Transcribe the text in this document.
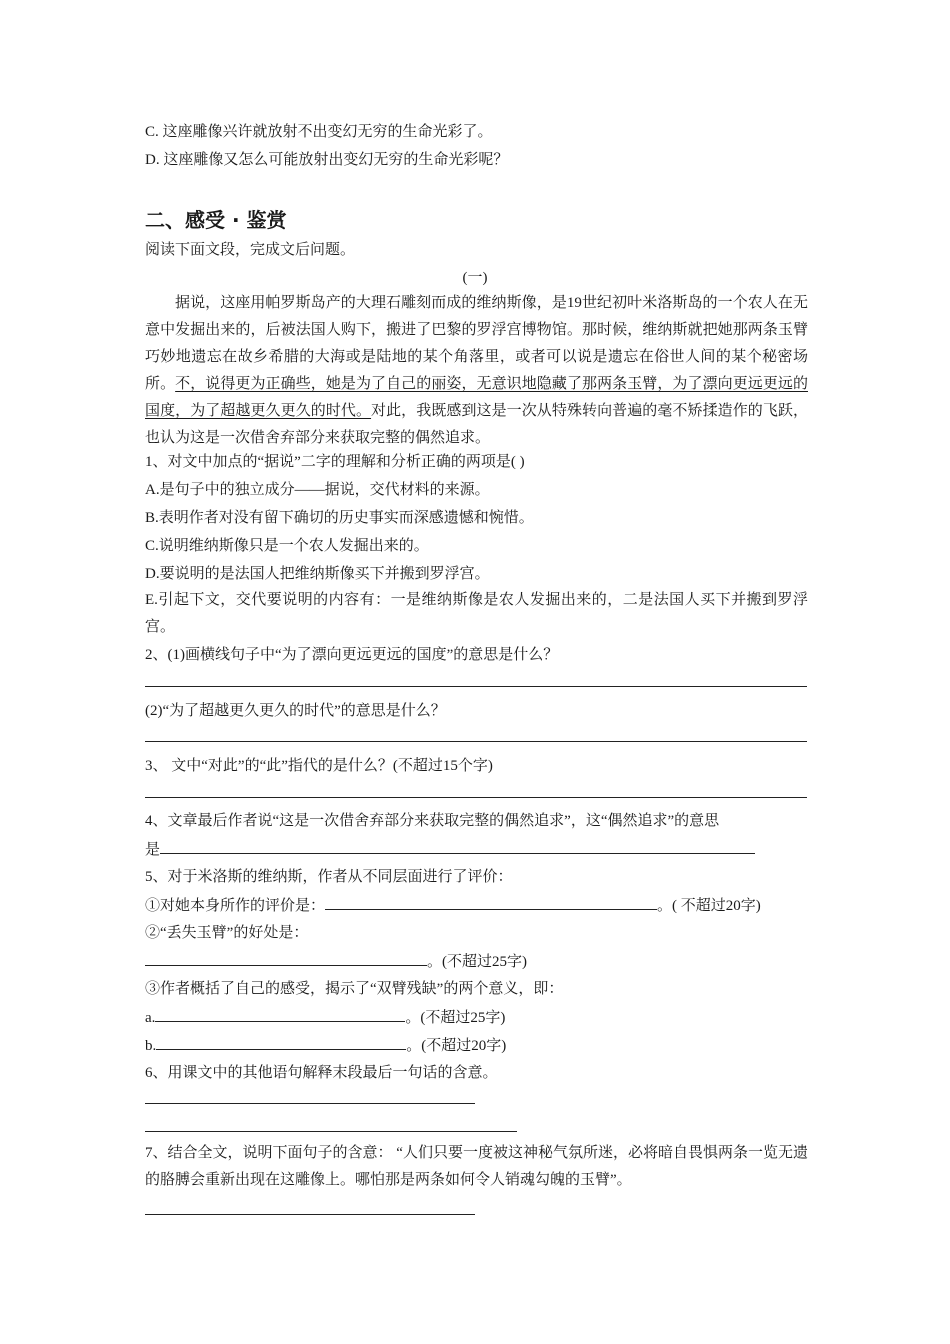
C. 这座雕像兴许就放射不出变幻无穷的生命光彩了。
D. 这座雕像又怎么可能放射出变幻无穷的生命光彩呢？
二、感受 · 鉴赏
阅读下面文段，完成文后问题。
(一)
据说，这座用帕罗斯岛产的大理石雕刻而成的维纳斯像，是19世纪初叶米洛斯岛的一个农人在无意中发掘出来的，后被法国人购下，搬进了巴黎的罗浮宫博物馆。那时候，维纳斯就把她那两条玉臂巧妙地遗忘在故乡希腊的大海或是陆地的某个角落里，或者可以说是遗忘在俗世人间的某个秘密场所。不，说得更为正确些，她是为了自己的丽姿，无意识地隐藏了那两条玉臂，为了漂向更远更远的国度，为了超越更久更久的时代。对此，我既感到这是一次从特殊转向普遍的毫不矫揉造作的飞跃，也认为这是一次借舍弃部分来获取完整的偶然追求。
1、对文中加点的“据说”二字的理解和分析正确的两项是( )
A.是句子中的独立成分——据说，交代材料的来源。
B.表明作者对没有留下确切的历史事实而深感遗憾和惋惜。
C.说明维纳斯像只是一个农人发掘出来的。
D.要说明的是法国人把维纳斯像买下并搬到罗浮宫。
E.引起下文，交代要说明的内容有：一是维纳斯像是农人发掘出来的，二是法国人买下并搬到罗浮宫。
2、(1)画横线句子中“为了漂向更远更远的国度”的意思是什么？
(2)“为了超越更久更久的时代”的意思是什么？
3、 文中“对此”的“此”指代的是什么？(不超过15个字)
4、文章最后作者说“这是一次借舍弃部分来获取完整的偶然追求”，这“偶然追求”的意思
是
5、对于米洛斯的维纳斯，作者从不同层面进行了评价：
①对她本身所作的评价是：	。( 不超过20字)
②“丢失玉臂”的好处是：
。(不超过25字)
③作者概括了自己的感受，揭示了“双臂残缺”的两个意义，即：
a.	。(不超过25字)
b.	。(不超过20字)
6、用课文中的其他语句解释末段最后一句话的含意。
7、结合全文，说明下面句子的含意： “人们只要一度被这神秘气氛所迷，必将暗自畏惧两条一览无遗的胳膊会重新出现在这雕像上。哪怕那是两条如何令人销魂勾魄的玉臂”。
